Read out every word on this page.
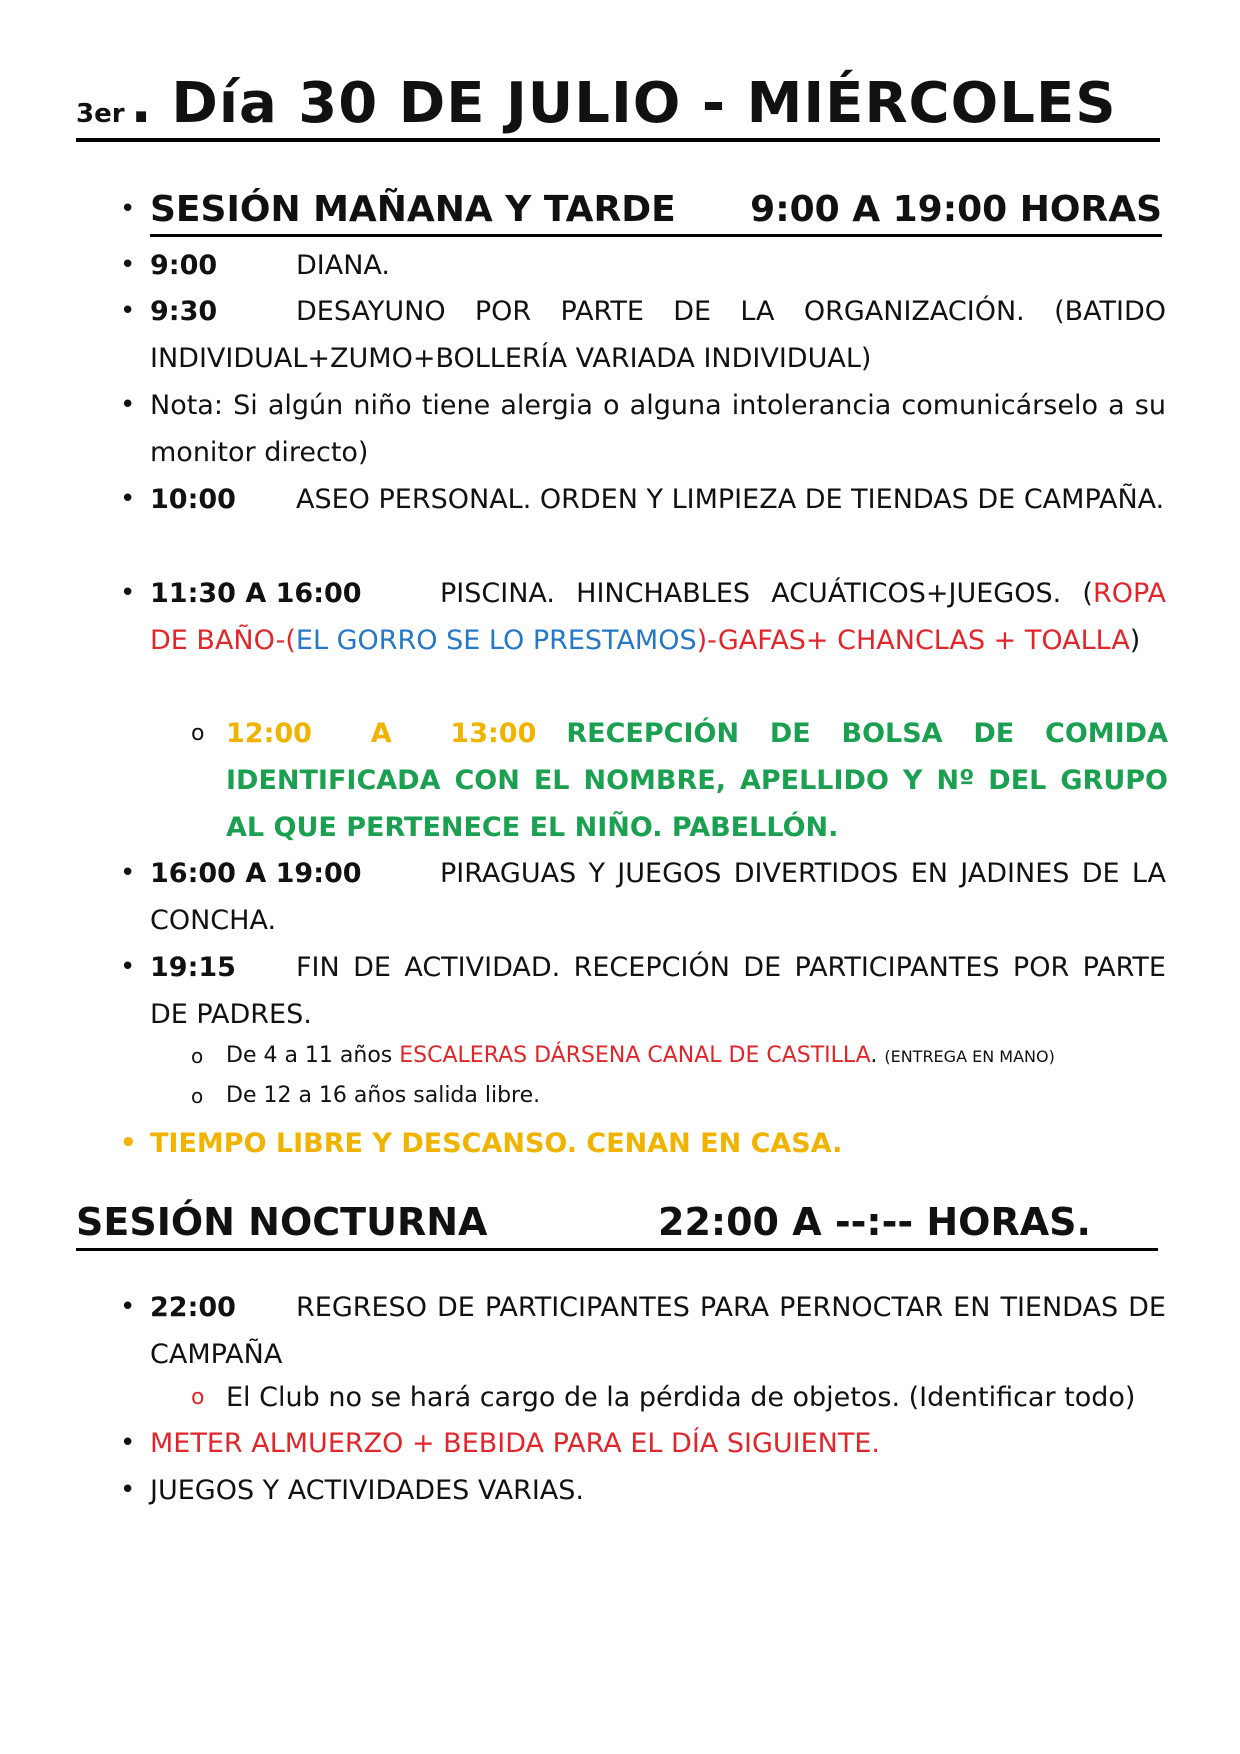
3er . Día 30 DE JULIO - MIÉRCOLES
• SESIÓN MAÑANA Y TARDE 9:00 A 19:00 HORAS
• 9:00	DIANA.
• 9:30	DESAYUNO POR PARTE DE LA ORGANIZACIÓN. (BATIDO INDIVIDUAL+ZUMO+BOLLERÍA VARIADA INDIVIDUAL)
• Nota: Si algún niño tiene alergia o alguna intolerancia comunicárselo a su monitor directo)
• 10:00 ASEO PERSONAL. ORDEN Y LIMPIEZA DE TIENDAS DE CAMPAÑA.
• 11:30 A 16:00	PISCINA. HINCHABLES ACUÁTICOS+JUEGOS. (ROPA DE BAÑO-(EL GORRO SE LO PRESTAMOS)-GAFAS+ CHANCLAS + TOALLA)
o 12:00 A 13:00 RECEPCIÓN DE BOLSA DE COMIDA IDENTIFICADA CON EL NOMBRE, APELLIDO Y Nº DEL GRUPO AL QUE PERTENECE EL NIÑO. PABELLÓN.
• 16:00 A 19:00	PIRAGUAS Y JUEGOS DIVERTIDOS EN JADINES DE LA CONCHA.
• 19:15 FIN DE ACTIVIDAD. RECEPCIÓN DE PARTICIPANTES POR PARTE DE PADRES.
o De 4 a 11 años ESCALERAS DÁRSENA CANAL DE CASTILLA. (ENTREGA EN MANO)
o De 12 a 16 años salida libre.
• TIEMPO LIBRE Y DESCANSO. CENAN EN CASA.
SESIÓN NOCTURNA	22:00 A --:-- HORAS.
• 22:00 REGRESO DE PARTICIPANTES PARA PERNOCTAR EN TIENDAS DE CAMPAÑA
o El Club no se hará cargo de la pérdida de objetos. (Identificar todo)
• METER ALMUERZO + BEBIDA PARA EL DÍA SIGUIENTE.
• JUEGOS Y ACTIVIDADES VARIAS.
